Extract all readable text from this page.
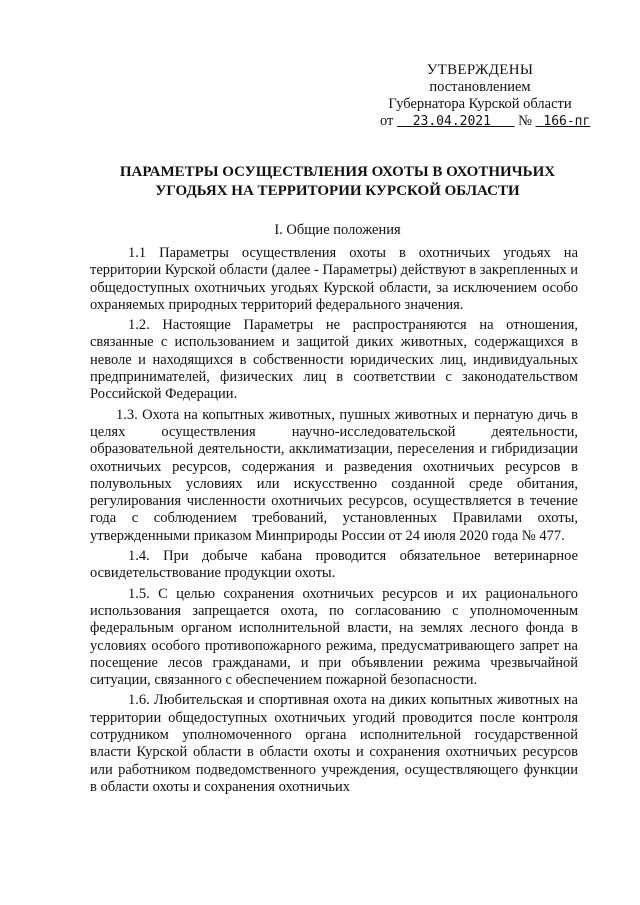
УТВЕРЖДЕНЫ
постановлением
Губернатора Курской области
от 23.04.2021 № 166-пг
ПАРАМЕТРЫ ОСУЩЕСТВЛЕНИЯ ОХОТЫ В ОХОТНИЧЬИХ УГОДЬЯХ НА ТЕРРИТОРИИ КУРСКОЙ ОБЛАСТИ
I. Общие положения

1.1 Параметры осуществления охоты в охотничьих угодьях на территории Курской области (далее - Параметры) действуют в закрепленных и общедоступных охотничьих угодьях Курской области, за исключением особо охраняемых природных территорий федерального значения.

1.2. Настоящие Параметры не распространяются на отношения, связанные с использованием и защитой диких животных, содержащихся в неволе и находящихся в собственности юридических лиц, индивидуальных предпринимателей, физических лиц в соответствии с законодательством Российской Федерации.

1.3. Охота на копытных животных, пушных животных и пернатую дичь в целях осуществления научно-исследовательской деятельности, образовательной деятельности, акклиматизации, переселения и гибридизации охотничьих ресурсов, содержания и разведения охотничьих ресурсов в полувольных условиях или искусственно созданной среде обитания, регулирования численности охотничьих ресурсов, осуществляется в течение года с соблюдением требований, установленных Правилами охоты, утвержденными приказом Минприроды России от 24 июля 2020 года № 477.

1.4. При добыче кабана проводится обязательное ветеринарное освидетельствование продукции охоты.

1.5. С целью сохранения охотничьих ресурсов и их рационального использования запрещается охота, по согласованию с уполномоченным федеральным органом исполнительной власти, на землях лесного фонда в условиях особого противопожарного режима, предусматривающего запрет на посещение лесов гражданами, и при объявлении режима чрезвычайной ситуации, связанного с обеспечением пожарной безопасности.

1.6. Любительская и спортивная охота на диких копытных животных на территории общедоступных охотничьих угодий проводится после контроля сотрудником уполномоченного органа исполнительной государственной власти Курской области в области охоты и сохранения охотничьих ресурсов или работником подведомственного учреждения, осуществляющего функции в области охоты и сохранения охотничьих
